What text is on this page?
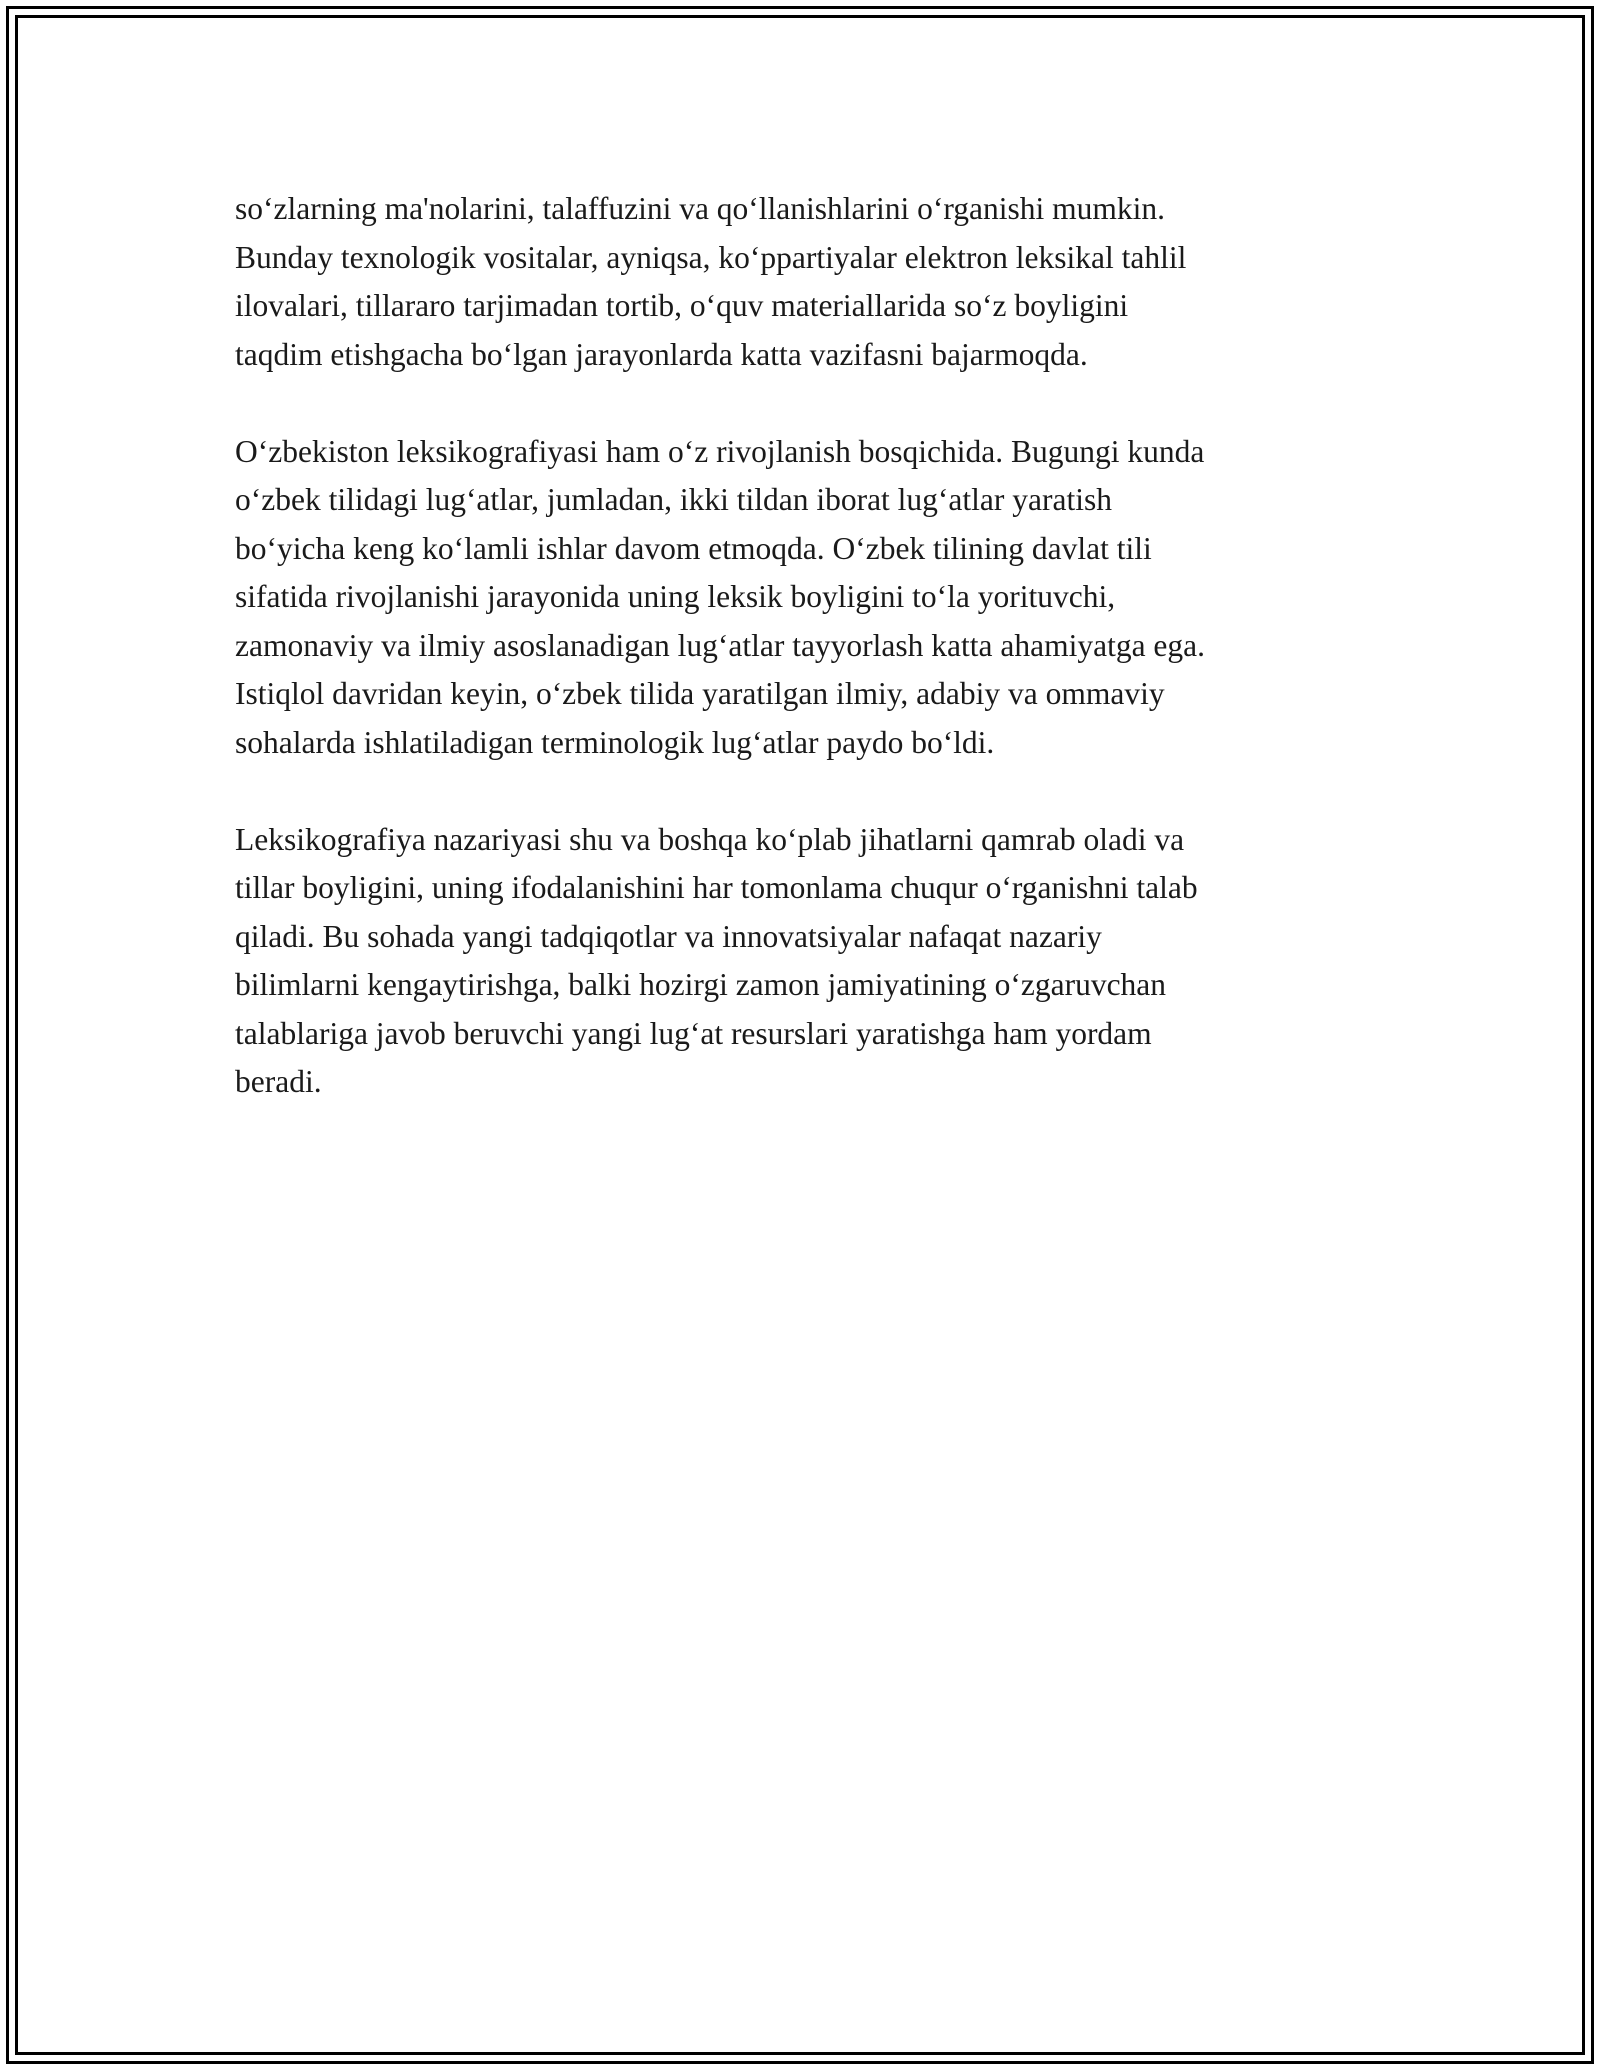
so‘zlarning ma'nolarini, talaffuzini va qo‘llanishlarini o‘rganishi mumkin.
Bunday texnologik vositalar, ayniqsa, ko‘ppartiyalar elektron leksikal tahlil
ilovalari, tillararo tarjimadan tortib, o‘quv materiallarida so‘z boyligini
taqdim etishgacha bo‘lgan jarayonlarda katta vazifasni bajarmoqda.

O‘zbekiston leksikografiyasi ham o‘z rivojlanish bosqichida. Bugungi kunda
o‘zbek tilidagi lug‘atlar, jumladan, ikki tildan iborat lug‘atlar yaratish
bo‘yicha keng ko‘lamli ishlar davom etmoqda. O‘zbek tilining davlat tili
sifatida rivojlanishi jarayonida uning leksik boyligini to‘la yorituvchi,
zamonaviy va ilmiy asoslanadigan lug‘atlar tayyorlash katta ahamiyatga ega.
Istiqlol davridan keyin, o‘zbek tilida yaratilgan ilmiy, adabiy va ommaviy
sohalarda ishlatiladigan terminologik lug‘atlar paydo bo‘ldi.

Leksikografiya nazariyasi shu va boshqa ko‘plab jihatlarni qamrab oladi va
tillar boyligini, uning ifodalanishini har tomonlama chuqur o‘rganishni talab
qiladi. Bu sohada yangi tadqiqotlar va innovatsiyalar nafaqat nazariy
bilimlarni kengaytirishga, balki hozirgi zamon jamiyatining o‘zgaruvchan
talablariga javob beruvchi yangi lug‘at resurslari yaratishga ham yordam
beradi.
